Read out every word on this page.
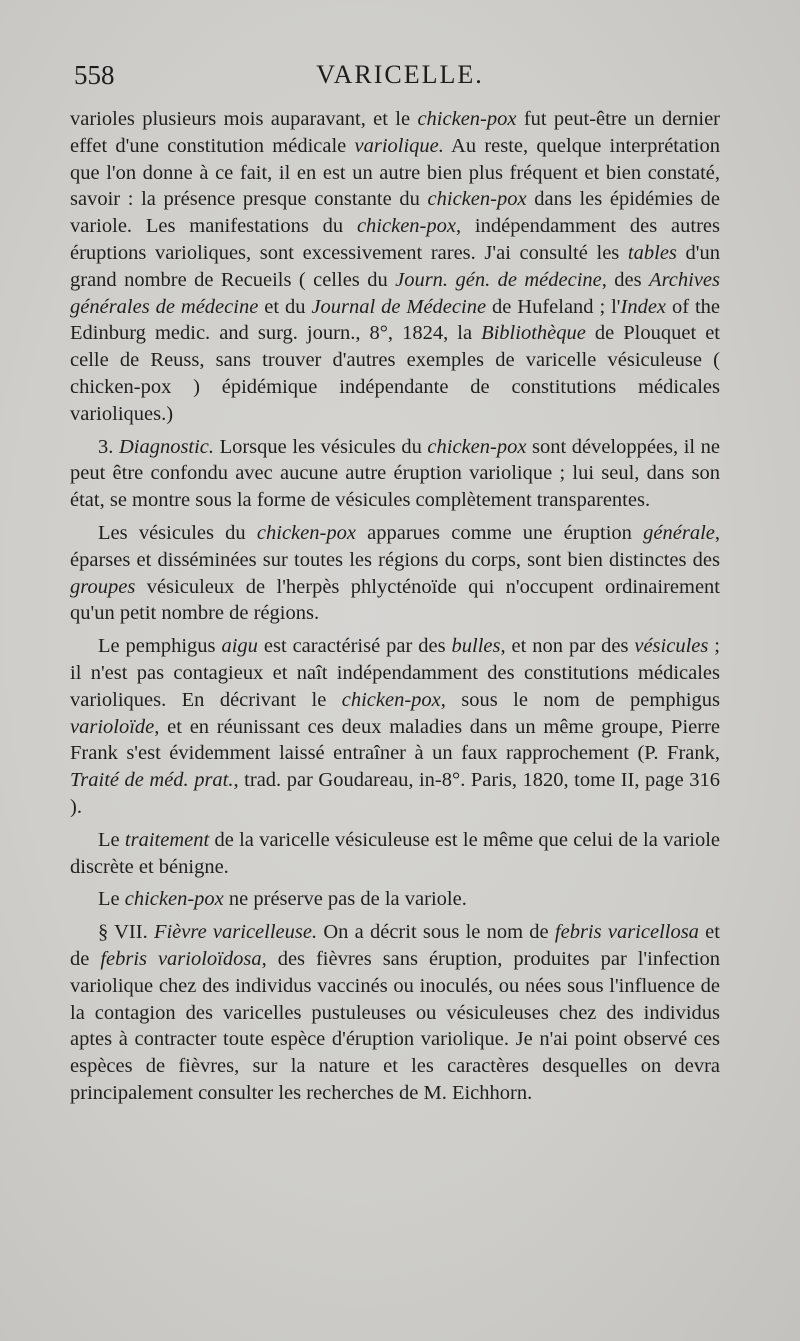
558	VARICELLE.

varioles plusieurs mois auparavant, et le chicken-pox fut peut-être un dernier effet d'une constitution médicale variolique. Au reste, quelque interprétation que l'on donne à ce fait, il en est un autre bien plus fréquent et bien constaté, savoir : la présence presque constante du chicken-pox dans les épidémies de variole. Les manifestations du chicken-pox, indépendamment des autres éruptions varioliques, sont excessivement rares. J'ai consulté les tables d'un grand nombre de Recueils ( celles du Journ. gén. de médecine, des Archives générales de médecine et du Journal de Médecine de Hufeland ; l'Index of the Edinburg medic. and surg. journ., 8°, 1824, la Bibliothèque de Plouquet et celle de Reuss, sans trouver d'autres exemples de varicelle vésiculeuse ( chicken-pox ) épidémique indépendante de constitutions médicales varioliques.)

3. Diagnostic. Lorsque les vésicules du chicken-pox sont développées, il ne peut être confondu avec aucune autre éruption variolique ; lui seul, dans son état, se montre sous la forme de vésicules complètement transparentes.

Les vésicules du chicken-pox apparues comme une éruption générale, éparses et disséminées sur toutes les régions du corps, sont bien distinctes des groupes vésiculeux de l'herpès phlycténoïde qui n'occupent ordinairement qu'un petit nombre de régions.

Le pemphigus aigu est caractérisé par des bulles, et non par des vésicules ; il n'est pas contagieux et naît indépendamment des constitutions médicales varioliques. En décrivant le chicken-pox, sous le nom de pemphigus varioloïde, et en réunissant ces deux maladies dans un même groupe, Pierre Frank s'est évidemment laissé entraîner à un faux rapprochement (P. Frank, Traité de méd. prat., trad. par Goudareau, in-8°. Paris, 1820, tome II, page 316 ).

Le traitement de la varicelle vésiculeuse est le même que celui de la variole discrète et bénigne.

Le chicken-pox ne préserve pas de la variole.

§ VII. Fièvre varicelleuse. On a décrit sous le nom de febris varicellosa et de febris varioloïdosa, des fièvres sans éruption, produites par l'infection variolique chez des individus vaccinés ou inoculés, ou nées sous l'influence de la contagion des varicelles pustuleuses ou vésiculeuses chez des individus aptes à contracter toute espèce d'éruption variolique. Je n'ai point observé ces espèces de fièvres, sur la nature et les caractères desquelles on devra principalement consulter les recherches de M. Eichhorn.
